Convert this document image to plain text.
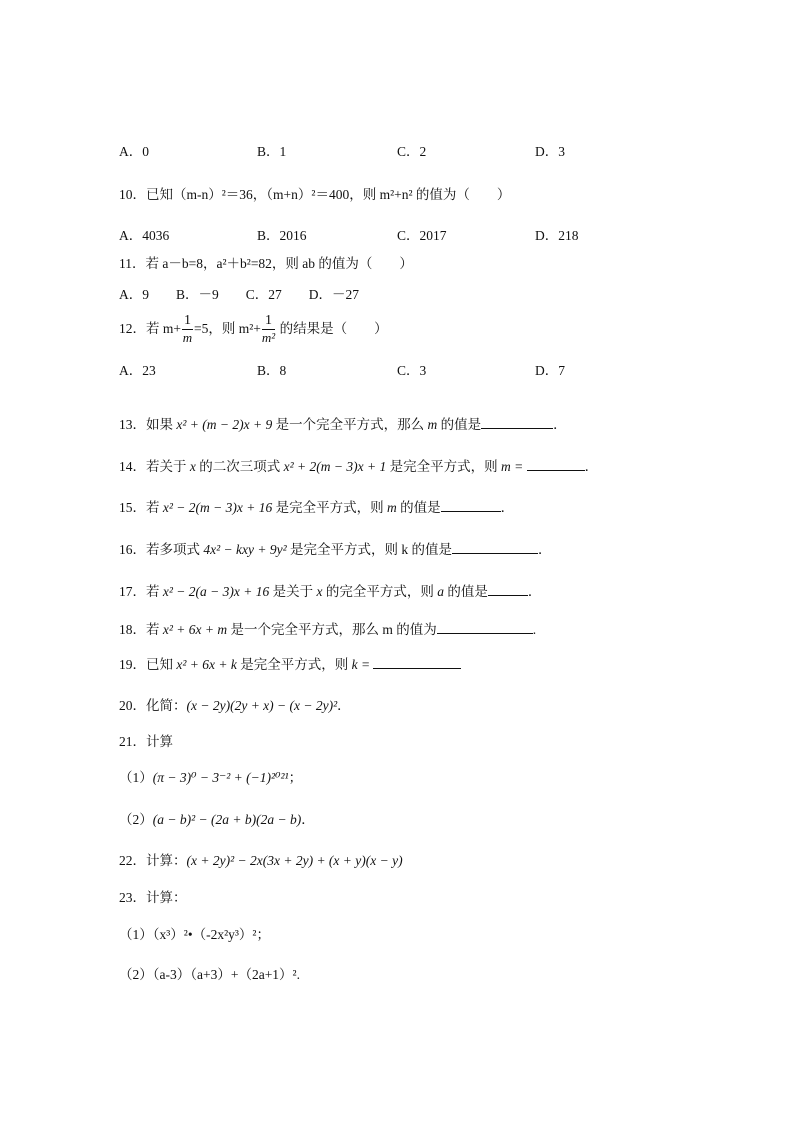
A．0	B．1	C．2	D．3
10．已知（m-n）²＝36，（m+n）²＝400，则 m²+n² 的值为（　　）
A．4036	B．2016	C．2017	D．218
11．若 a－b=8，a²＋b²=82，则 ab 的值为（　　）
A．9　　B．－9　　C．27　　D．－27
12．若 $m+ \frac{1}{m} =5$，则 $m^2+ \frac{1}{\text{m²}}$ 的结果是（　　）
A．23	B．8	C．3	D．7
13．如果 x² + (m − 2)x + 9 是一个完全平方式，那么 m 的值是	．
14．若关于 x 的二次三项式 x² + 2(m − 3)x + 1 是完全平方式，则 m =	．
15．若 x² − 2(m − 3)x + 16 是完全平方式，则 m 的值是	．
16．若多项式 4x² − kxy + 9y² 是完全平方式，则 k 的值是	．
17．若 x² − 2(a − 3)x + 16 是关于 x 的完全平方式，则 a 的值是	．
18．若 x² + 6x + m 是一个完全平方式，那么 m 的值为	.
19．已知 x² + 6x + k 是完全平方式，则 k =
20．化简：(x − 2y)(2y + x) − (x − 2y)²．
21．计算
（1）(π − 3)⁰ − 3⁻² + (−1)²⁰²¹；
（2）(a − b)² − (2a + b)(2a − b)．
22．计算：(x + 2y)² − 2x(3x + 2y) + (x + y)(x − y)
23．计算：
（1）（x³）²•（-2x²y³）²；
（2）（a-3）（a+3）+（2a+1）².
